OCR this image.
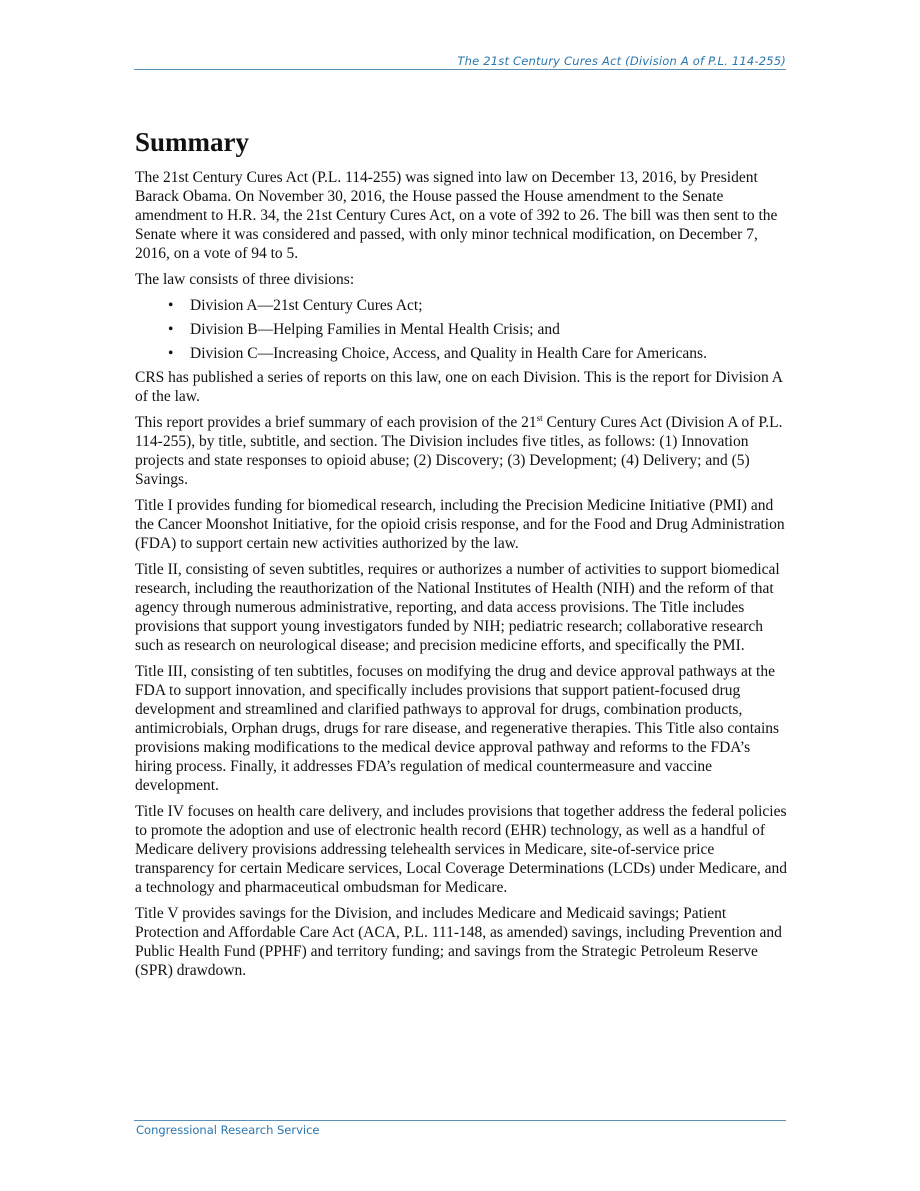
The 21st Century Cures Act (Division A of P.L. 114-255)
Summary

The 21st Century Cures Act (P.L. 114-255) was signed into law on December 13, 2016, by President Barack Obama. On November 30, 2016, the House passed the House amendment to the Senate amendment to H.R. 34, the 21st Century Cures Act, on a vote of 392 to 26. The bill was then sent to the Senate where it was considered and passed, with only minor technical modification, on December 7, 2016, on a vote of 94 to 5.

The law consists of three divisions:

• Division A—21st Century Cures Act;
• Division B—Helping Families in Mental Health Crisis; and
• Division C—Increasing Choice, Access, and Quality in Health Care for Americans.

CRS has published a series of reports on this law, one on each Division. This is the report for Division A of the law.

This report provides a brief summary of each provision of the 21st Century Cures Act (Division A of P.L. 114-255), by title, subtitle, and section. The Division includes five titles, as follows: (1) Innovation projects and state responses to opioid abuse; (2) Discovery; (3) Development; (4) Delivery; and (5) Savings.

Title I provides funding for biomedical research, including the Precision Medicine Initiative (PMI) and the Cancer Moonshot Initiative, for the opioid crisis response, and for the Food and Drug Administration (FDA) to support certain new activities authorized by the law.

Title II, consisting of seven subtitles, requires or authorizes a number of activities to support biomedical research, including the reauthorization of the National Institutes of Health (NIH) and the reform of that agency through numerous administrative, reporting, and data access provisions. The Title includes provisions that support young investigators funded by NIH; pediatric research; collaborative research such as research on neurological disease; and precision medicine efforts, and specifically the PMI.

Title III, consisting of ten subtitles, focuses on modifying the drug and device approval pathways at the FDA to support innovation, and specifically includes provisions that support patient-focused drug development and streamlined and clarified pathways to approval for drugs, combination products, antimicrobials, Orphan drugs, drugs for rare disease, and regenerative therapies. This Title also contains provisions making modifications to the medical device approval pathway and reforms to the FDA’s hiring process. Finally, it addresses FDA’s regulation of medical countermeasure and vaccine development.

Title IV focuses on health care delivery, and includes provisions that together address the federal policies to promote the adoption and use of electronic health record (EHR) technology, as well as a handful of Medicare delivery provisions addressing telehealth services in Medicare, site-of-service price transparency for certain Medicare services, Local Coverage Determinations (LCDs) under Medicare, and a technology and pharmaceutical ombudsman for Medicare.

Title V provides savings for the Division, and includes Medicare and Medicaid savings; Patient Protection and Affordable Care Act (ACA, P.L. 111-148, as amended) savings, including Prevention and Public Health Fund (PPHF) and territory funding; and savings from the Strategic Petroleum Reserve (SPR) drawdown.

Congressional Research Service
